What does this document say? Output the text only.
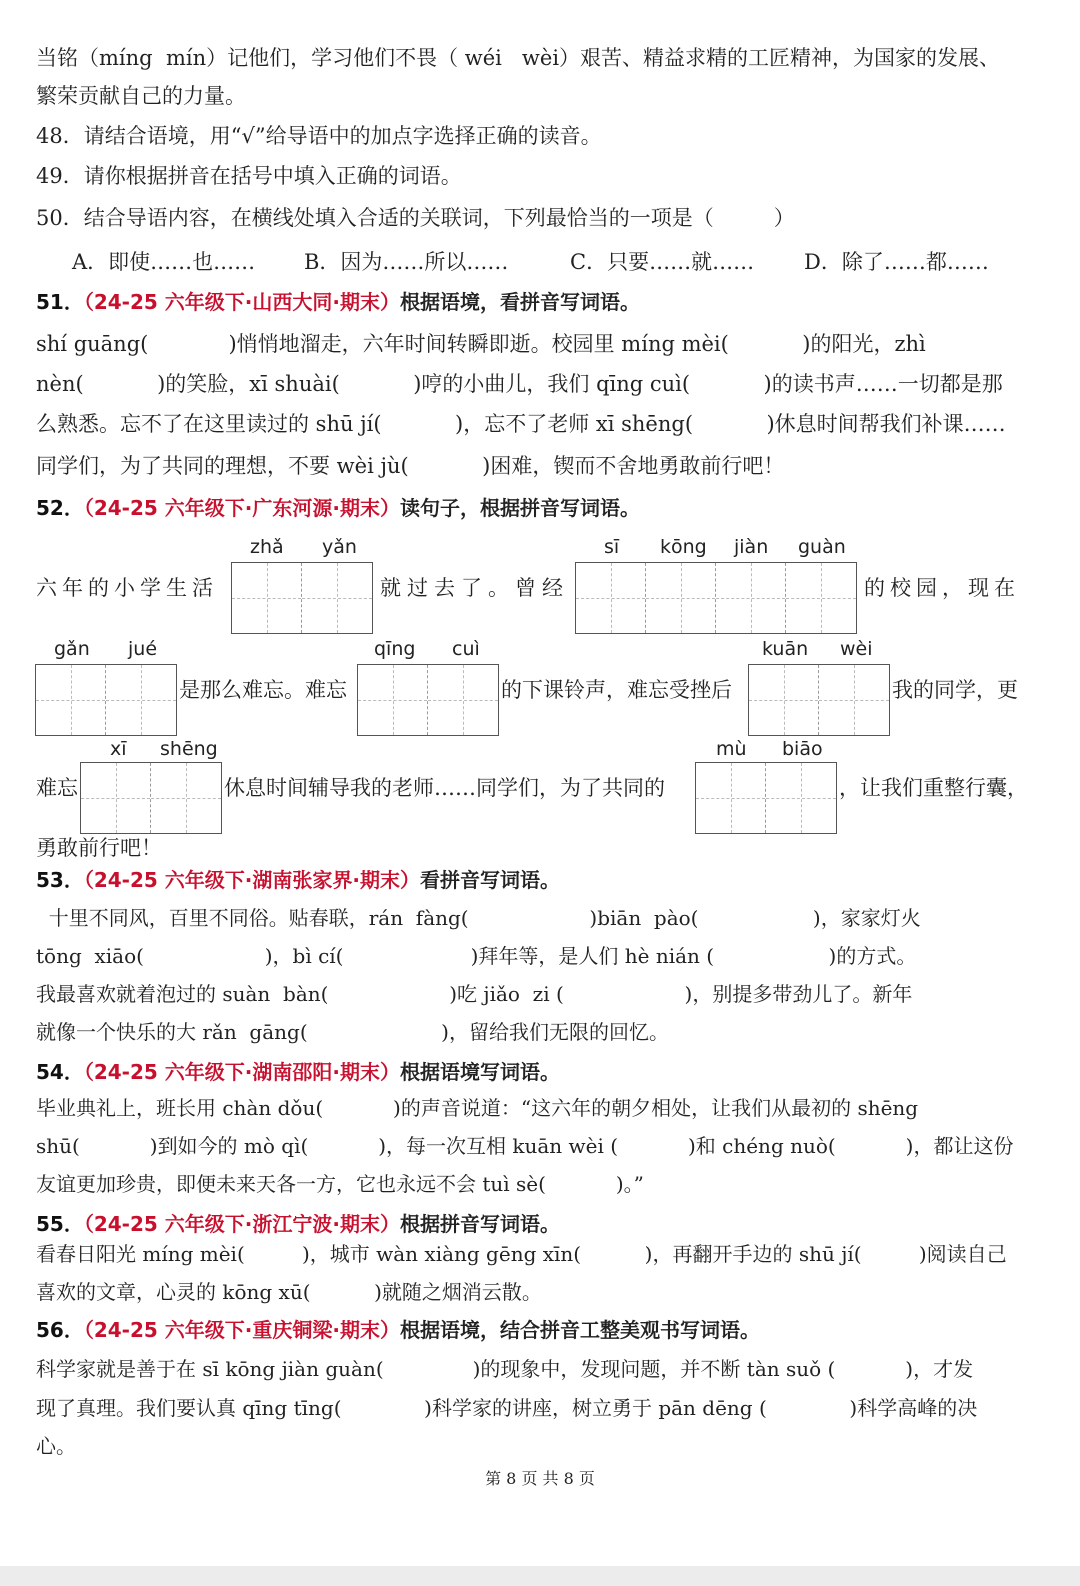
当铭（míng  mín）记他们，学习他们不畏（ wéi   wèi）艰苦、精益求精的工匠精神，为国家的发展、
繁荣贡献自己的力量。
48．请结合语境，用“√”给导语中的加点字选择正确的读音。
49．请你根据拼音在括号中填入正确的词语。
50．结合导语内容，在横线处填入合适的关联词，下列最恰当的一项是（         ）
A．即使……也…… B．因为……所以……	C．只要……就…… D．除了……都……
51．（24-25 六年级下·山西大同·期末）根据语境，看拼音写词语。
shí guāng(            )悄悄地溜走，六年时间转瞬即逝。校园里 míng mèi(           )的阳光，zhì
nèn(           )的笑脸，xī shuài(           )哼的小曲儿，我们 qīng cuì(           )的读书声……一切都是那
么熟悉。忘不了在这里读过的 shū jí(           )，忘不了老师 xī shēng(           )休息时间帮我们补课……
同学们，为了共同的理想，不要 wèi jù(           )困难，锲而不舍地勇敢前行吧！
52．（24-25 六年级下·广东河源·期末）读句子，根据拼音写词语。
zhǎ yǎn	sī kōng jiàn guàn
六年的小学生活	就过去了。曾经	的校园，现在
gǎn jué	qīng cuì	kuān wèi
是那么难忘。难忘	的下课铃声，难忘受挫后	我的同学，更
xī shēng	mù biāo
难忘	休息时间辅导我的老师……同学们，为了共同的	，让我们重整行囊，
勇敢前行吧！
53．（24-25 六年级下·湖南张家界·期末）看拼音写词语。
十里不同风，百里不同俗。贴春联，rán  fàng(                   )biān  pào(                  )，家家灯火
tōng  xiāo(                   )，bì cí(                    )拜年等，是人们 hè nián (                  )的方式。
我最喜欢就着泡过的 suàn  bàn(                   )吃 jiǎo  zi (                   )，别提多带劲儿了。新年
就像一个快乐的大 rǎn  gāng(                     )，留给我们无限的回忆。
54．（24-25 六年级下·湖南邵阳·期末）根据语境写词语。
毕业典礼上，班长用 chàn dǒu(           )的声音说道：“这六年的朝夕相处，让我们从最初的 shēng
shū(           )到如今的 mò qì(           )，每一次互相 kuān wèi (           )和 chéng nuò(           )，都让这份
友谊更加珍贵，即便未来天各一方，它也永远不会 tuì sè(           )。”
55．（24-25 六年级下·浙江宁波·期末）根据拼音写词语。
看春日阳光 míng mèi(         )，城市 wàn xiàng gēng xīn(          )，再翻开手边的 shū jí(         )阅读自己
喜欢的文章，心灵的 kōng xū(          )就随之烟消云散。
56．（24-25 六年级下·重庆铜梁·期末）根据语境，结合拼音工整美观书写词语。
科学家就是善于在 sī kōng jiàn guàn(              )的现象中，发现问题，并不断 tàn suǒ (           )，才发
现了真理。我们要认真 qīng tīng(             )科学家的讲座，树立勇于 pān dēng (             )科学高峰的决
心。
第 8 页 共 8 页
